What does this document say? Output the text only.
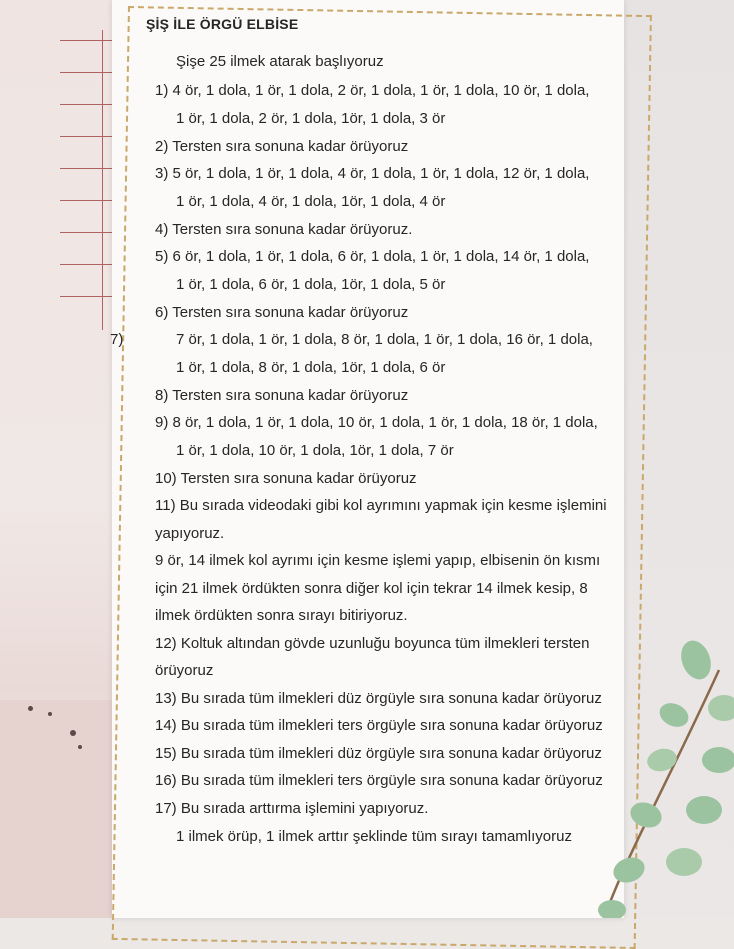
ŞİŞ İLE ÖRGÜ ELBİSE
Şişe 25 ilmek atarak başlıyoruz
1) 4 ör, 1 dola, 1 ör, 1 dola, 2 ör, 1 dola, 1 ör, 1 dola, 10 ör, 1 dola,
1 ör, 1 dola, 2 ör, 1 dola, 1ör, 1 dola, 3 ör
2) Tersten sıra sonuna kadar örüyoruz
3) 5 ör, 1 dola, 1 ör, 1 dola, 4 ör, 1 dola, 1 ör, 1 dola, 12 ör, 1 dola,
1 ör, 1 dola, 4 ör, 1 dola, 1ör, 1 dola, 4 ör
4) Tersten sıra sonuna kadar örüyoruz.
5) 6 ör, 1 dola, 1 ör, 1 dola, 6 ör, 1 dola, 1 ör, 1 dola, 14 ör, 1 dola,
1 ör, 1 dola, 6 ör, 1 dola, 1ör, 1 dola, 5 ör
6) Tersten sıra sonuna kadar örüyoruz
7)	7 ör, 1 dola, 1 ör, 1 dola, 8 ör, 1 dola, 1 ör, 1 dola, 16 ör, 1 dola,
1 ör, 1 dola, 8 ör, 1 dola, 1ör, 1 dola, 6 ör
8) Tersten sıra sonuna kadar örüyoruz
9) 8 ör, 1 dola, 1 ör, 1 dola, 10 ör, 1 dola, 1 ör, 1 dola, 18 ör, 1 dola,
1 ör, 1 dola, 10 ör, 1 dola, 1ör, 1 dola, 7 ör
10) Tersten sıra sonuna kadar örüyoruz
11) Bu sırada videodaki gibi kol ayrımını yapmak için kesme işlemini
yapıyoruz.
9 ör, 14 ilmek kol ayrımı için kesme işlemi yapıp, elbisenin ön kısmı
için 21 ilmek ördükten sonra diğer kol için tekrar 14 ilmek kesip, 8
ilmek ördükten sonra sırayı bitiriyoruz.
12) Koltuk altından gövde uzunluğu boyunca tüm ilmekleri tersten
örüyoruz
13) Bu sırada tüm ilmekleri düz örgüyle sıra sonuna kadar örüyoruz
14) Bu sırada tüm ilmekleri ters örgüyle sıra sonuna kadar örüyoruz
15) Bu sırada tüm ilmekleri düz örgüyle sıra sonuna kadar örüyoruz
16) Bu sırada tüm ilmekleri ters örgüyle sıra sonuna kadar örüyoruz
17) Bu sırada arttırma işlemini yapıyoruz.
1 ilmek örüp, 1 ilmek arttır şeklinde tüm sırayı tamamlıyoruz
